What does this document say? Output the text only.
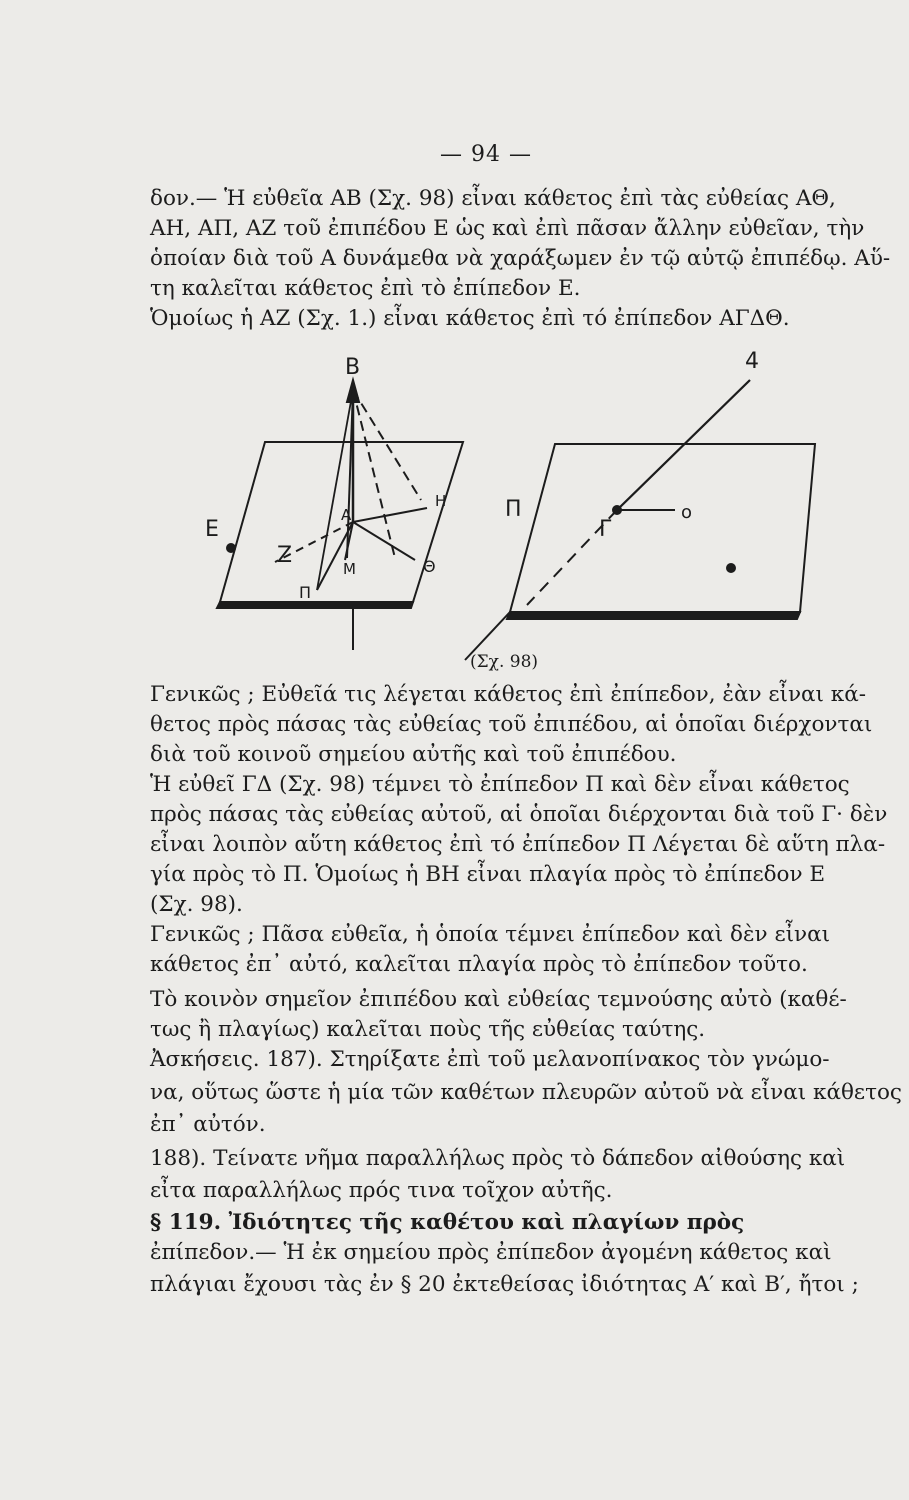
— 94 —
δον.— Ἡ εὐθεῖα ΑΒ (Σχ. 98) εἶναι κάθετος ἐπὶ τὰς εὐθείας ΑΘ,
ΑΗ, ΑΠ, ΑΖ τοῦ ἐπιπέδου Ε ὡς καὶ ἐπὶ πᾶσαν ἄλλην εὐθεῖαν, τὴν
ὁποίαν διὰ τοῦ Α δυνάμεθα νὰ χαράξωμεν ἐν τῷ αὐτῷ ἐπιπέδῳ. Αὕ-
τη καλεῖται κάθετος ἐπὶ τὸ ἐπίπεδον Ε.
Ὁμοίως ἡ ΑΖ (Σχ. 1.) εἶναι κάθετος ἐπὶ τό ἐπίπεδον ΑΓΔΘ.
B
E
A
H
Z
Π
M	Θ
Π
Γ
o
4
(Σχ. 98)
Γενικῶς ; Εὐθεῖά τις λέγεται κάθετος ἐπὶ ἐπίπεδον, ἐὰν εἶναι κά-
θετος πρὸς πάσας τὰς εὐθείας τοῦ ἐπιπέδου, αἱ ὁποῖαι διέρχονται
διὰ τοῦ κοινοῦ σημείου αὐτῆς καὶ τοῦ ἐπιπέδου.
Ἡ εὐθεῖ ΓΔ (Σχ. 98) τέμνει τὸ ἐπίπεδον Π καὶ δὲν εἶναι κάθετος
πρὸς πάσας τὰς εὐθείας αὐτοῦ, αἱ ὁποῖαι διέρχονται διὰ τοῦ Γ· δὲν
εἶναι λοιπὸν αὕτη κάθετος ἐπὶ τό ἐπίπεδον Π Λέγεται δὲ αὕτη πλα-
γία πρὸς τὸ Π. Ὁμοίως ἡ ΒΗ εἶναι πλαγία πρὸς τὸ ἐπίπεδον Ε
(Σχ. 98).
Γενικῶς ; Πᾶσα εὐθεῖα, ἡ ὁποία τέμνει ἐπίπεδον καὶ δὲν εἶναι
κάθετος ἐπ᾽ αὐτό, καλεῖται πλαγία πρὸς τὸ ἐπίπεδον τοῦτο.
Τὸ κοινὸν σημεῖον ἐπιπέδου καὶ εὐθείας τεμνούσης αὐτὸ (καθέ-
τως ἢ πλαγίως) καλεῖται ποὺς τῆς εὐθείας ταύτης.
Ἀσκήσεις. 187). Στηρίξατε ἐπὶ τοῦ μελανοπίνακος τὸν γνώμο-
να, οὕτως ὥστε ἡ μία τῶν καθέτων πλευρῶν αὐτοῦ νὰ εἶναι κάθετος
ἐπ᾽ αὐτόν.
188). Τείνατε νῆμα παραλλήλως πρὸς τὸ δάπεδον αἰθούσης καὶ
εἶτα παραλλήλως πρός τινα τοῖχον αὐτῆς.
§ 119. Ἰδιότητες τῆς καθέτου καὶ πλαγίων πρὸς
ἐπίπεδον.— Ἡ ἐκ σημείου πρὸς ἐπίπεδον ἀγομένη κάθετος καὶ
πλάγιαι ἔχουσι τὰς ἐν § 20 ἐκτεθείσας ἰδιότητας Α′ καὶ Β′, ἤτοι ;
